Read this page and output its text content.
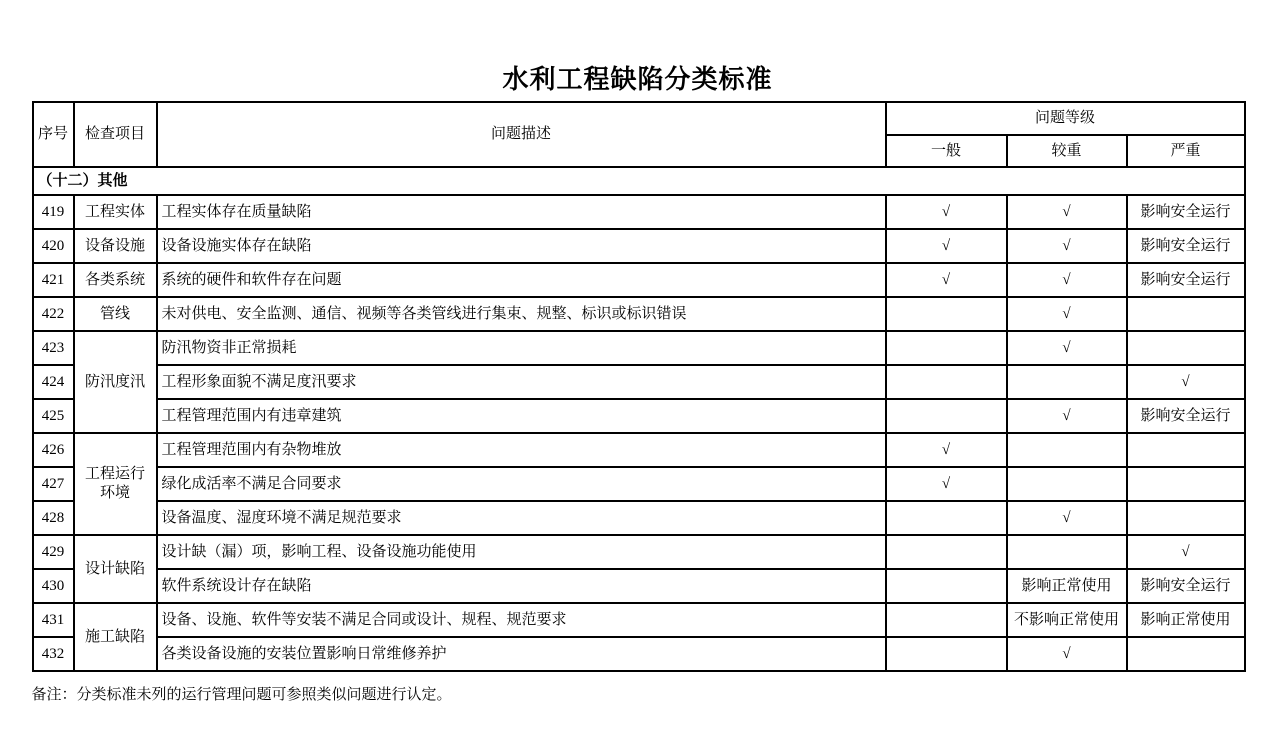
水利工程缺陷分类标准
序号	检查项目	问题描述	问题等级		
			一般	较重	严重
（十二）其他					
419	工程实体	工程实体存在质量缺陷	√	√	影响安全运行
420	设备设施	设备设施实体存在缺陷	√	√	影响安全运行
421	各类系统	系统的硬件和软件存在问题	√	√	影响安全运行
422	管线	未对供电、安全监测、通信、视频等各类管线进行集束、规整、标识或标识错误		√	
423	防汛度汛	防汛物资非正常损耗		√	
424		工程形象面貌不满足度汛要求			√
425		工程管理范围内有违章建筑		√	影响安全运行
426	工程运行环境	工程管理范围内有杂物堆放	√		
427		绿化成活率不满足合同要求	√		
428		设备温度、湿度环境不满足规范要求		√	
429	设计缺陷	设计缺（漏）项，影响工程、设备设施功能使用			√
430		软件系统设计存在缺陷		影响正常使用	影响安全运行
431	施工缺陷	设备、设施、软件等安装不满足合同或设计、规程、规范要求		不影响正常使用	影响正常使用
432		各类设备设施的安装位置影响日常维修养护		√	
备注：分类标准未列的运行管理问题可参照类似问题进行认定。
